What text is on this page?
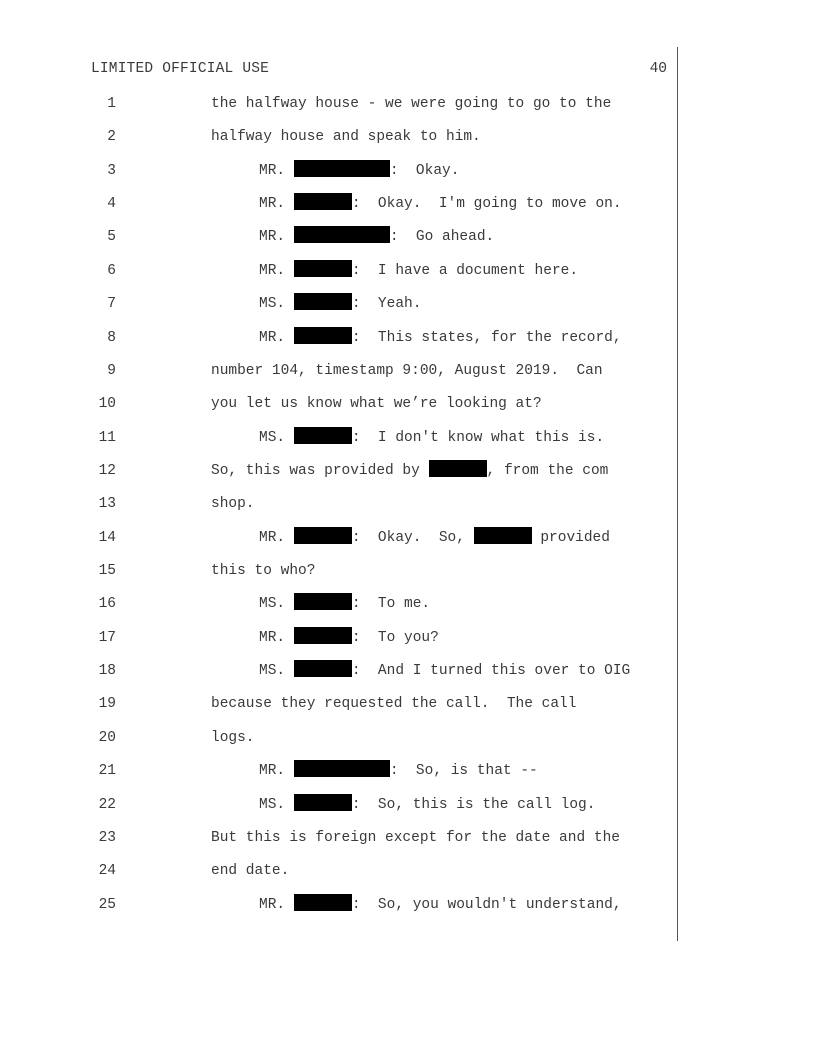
LIMITED OFFICIAL USE	40
1	the halfway house - we were going to go to the
2	halfway house and speak to him.
3	MR.	:  Okay.
4	MR.	:  Okay.  I'm going to move on.
5	MR.	:  Go ahead.
6	MR.	:  I have a document here.
7	MS.	:  Yeah.
8	MR.	:  This states, for the record,
9	number 104, timestamp 9:00, August 2019.  Can
10	you let us know what we’re looking at?
11	MS.	:  I don't know what this is.
12	So, this was provided by	, from the com
13	shop.
14	MR.	:  Okay.  So,	provided
15	this to who?
16	MS.	:  To me.
17	MR.	:  To you?
18	MS.	:  And I turned this over to OIG
19	because they requested the call.  The call
20	logs.
21	MR.	:  So, is that --
22	MS.	:  So, this is the call log.
23	But this is foreign except for the date and the
24	end date.
25	MR.	:  So, you wouldn't understand,
